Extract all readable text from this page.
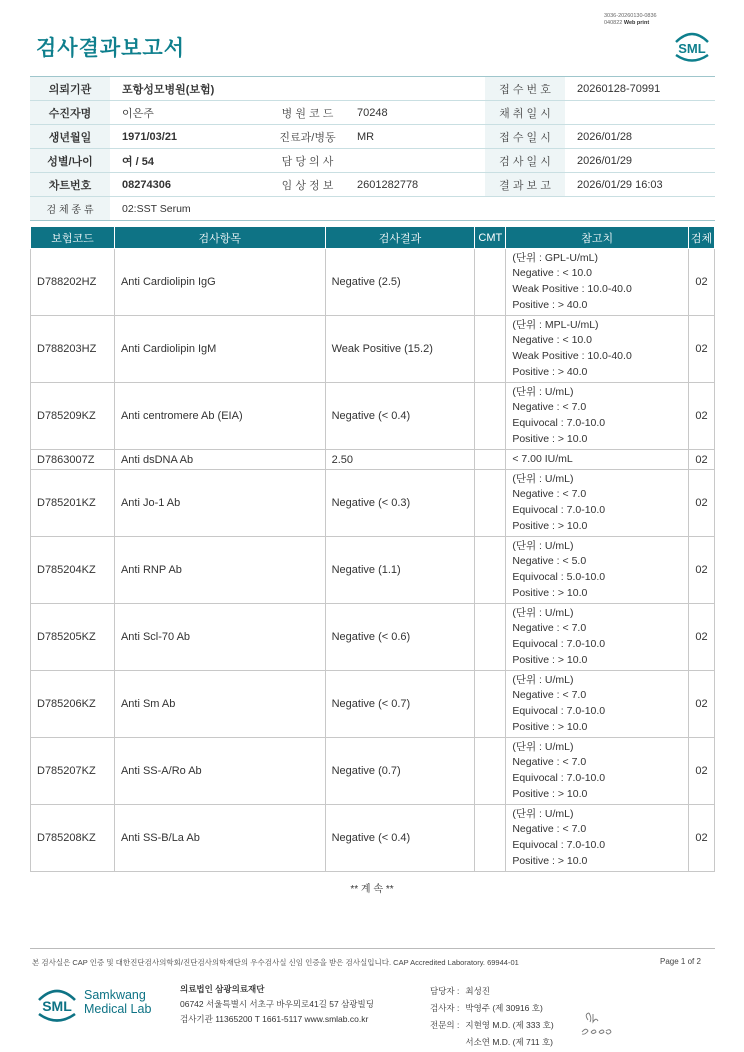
3036-20260130-0836
040822 Web print
검사결과보고서	SML
의뢰기관	포항성모병원(보험)			접 수 번 호	20260128-70991
수진자명	이은주	병 원 코 드	70248	채 취 일 시	
생년월일	1971/03/21	진료과/병동	MR	접 수 일 시	2026/01/28
성별/나이	여 / 54	담 당 의 사		검 사 일 시	2026/01/29
차트번호	08274306	임 상 정 보	2601282778	결 과 보 고	2026/01/29 16:03
검 체 종 류	02:SST Serum				
보험코드	검사항목	검사결과	CMT	참고치	검체
D788202HZ	Anti Cardiolipin IgG	Negative (2.5)		(단위 : GPL-U/mL)
Negative : < 10.0
Weak Positive : 10.0-40.0
Positive : > 40.0	02
D788203HZ	Anti Cardiolipin IgM	Weak Positive (15.2)		(단위 : MPL-U/mL)
Negative : < 10.0
Weak Positive : 10.0-40.0
Positive : > 40.0	02
D785209KZ	Anti centromere Ab (EIA)	Negative (< 0.4)		(단위 : U/mL)
Negative : < 7.0
Equivocal : 7.0-10.0
Positive : > 10.0	02
D7863007Z	Anti dsDNA Ab	2.50		< 7.00 IU/mL	02
D785201KZ	Anti Jo-1 Ab	Negative (< 0.3)		(단위 : U/mL)
Negative : < 7.0
Equivocal : 7.0-10.0
Positive : > 10.0	02
D785204KZ	Anti RNP Ab	Negative (1.1)		(단위 : U/mL)
Negative : < 5.0
Equivocal : 5.0-10.0
Positive : > 10.0	02
D785205KZ	Anti Scl-70 Ab	Negative (< 0.6)		(단위 : U/mL)
Negative : < 7.0
Equivocal : 7.0-10.0
Positive : > 10.0	02
D785206KZ	Anti Sm Ab	Negative (< 0.7)		(단위 : U/mL)
Negative : < 7.0
Equivocal : 7.0-10.0
Positive : > 10.0	02
D785207KZ	Anti SS-A/Ro Ab	Negative (0.7)		(단위 : U/mL)
Negative : < 7.0
Equivocal : 7.0-10.0
Positive : > 10.0	02
D785208KZ	Anti SS-B/La Ab	Negative (< 0.4)		(단위 : U/mL)
Negative : < 7.0
Equivocal : 7.0-10.0
Positive : > 10.0	02
** 계 속 **
본 검사실은 CAP 인증 및 대한진단검사의학회/진단검사의학재단의 우수검사실 신임 인증을 받은 검사실입니다. CAP Accredited Laboratory. 69944-01	Page 1 of 2
SML
Samkwang
Medical Lab
의료법인 삼광의료재단
06742 서울특별시 서초구 바우뫼로41길 57 삼광빌딩
검사기관 11365200 T 1661-5117 www.smlab.co.kr
담당자 :	최성진
검사자 :	박영주 (제 30916 호)
전문의 :	지현영 M.D. (제 333 호)
	서소연 M.D. (제 711 호)
